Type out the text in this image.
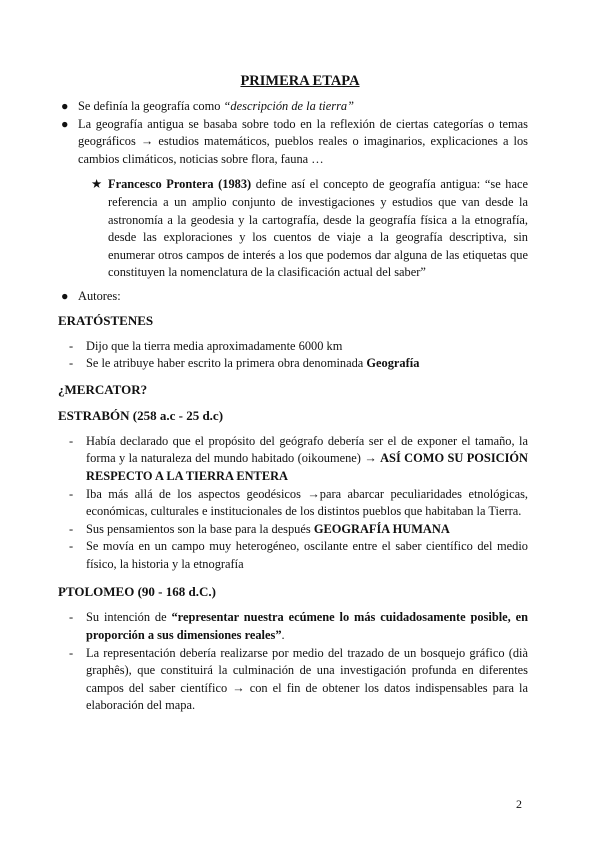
PRIMERA ETAPA
● Se definía la geografía como “descripción de la tierra”
● La geografía antigua se basaba sobre todo en la reflexión de ciertas categorías o temas geográficos → estudios matemáticos, pueblos reales o imaginarios, explicaciones a los cambios climáticos, noticias sobre flora, fauna …
★ Francesco Prontera (1983) define así el concepto de geografía antigua: “se hace referencia a un amplio conjunto de investigaciones y estudios que van desde la astronomía a la geodesia y la cartografía, desde la geografía física a la etnografía, desde las exploraciones y los cuentos de viaje a la geografía descriptiva, sin enumerar otros campos de interés a los que podemos dar alguna de las etiquetas que constituyen la nomenclatura de la clasificación actual del saber”
● Autores:
ERATÓSTENES
- Dijo que la tierra media aproximadamente 6000 km
- Se le atribuye haber escrito la primera obra denominada Geografía
¿MERCATOR?
ESTRABÓN (258 a.c - 25 d.c)
- Había declarado que el propósito del geógrafo debería ser el de exponer el tamaño, la forma y la naturaleza del mundo habitado (oikoumene) → ASÍ COMO SU POSICIÓN RESPECTO A LA TIERRA ENTERA
- Iba más allá de los aspectos geodésicos →para abarcar peculiaridades etnológicas, económicas, culturales e institucionales de los distintos pueblos que habitaban la Tierra.
- Sus pensamientos son la base para la después GEOGRAFÍA HUMANA
- Se movía en un campo muy heterogéneo, oscilante entre el saber científico del medio físico, la historia y la etnografía
PTOLOMEO (90 - 168 d.C.)
- Su intención de “representar nuestra ecúmene lo más cuidadosamente posible, en proporción a sus dimensiones reales”.
- La representación debería realizarse por medio del trazado de un bosquejo gráfico (dià graphês), que constituirá la culminación de una investigación profunda en diferentes campos del saber científico → con el fin de obtener los datos indispensables para la elaboración del mapa.
2
